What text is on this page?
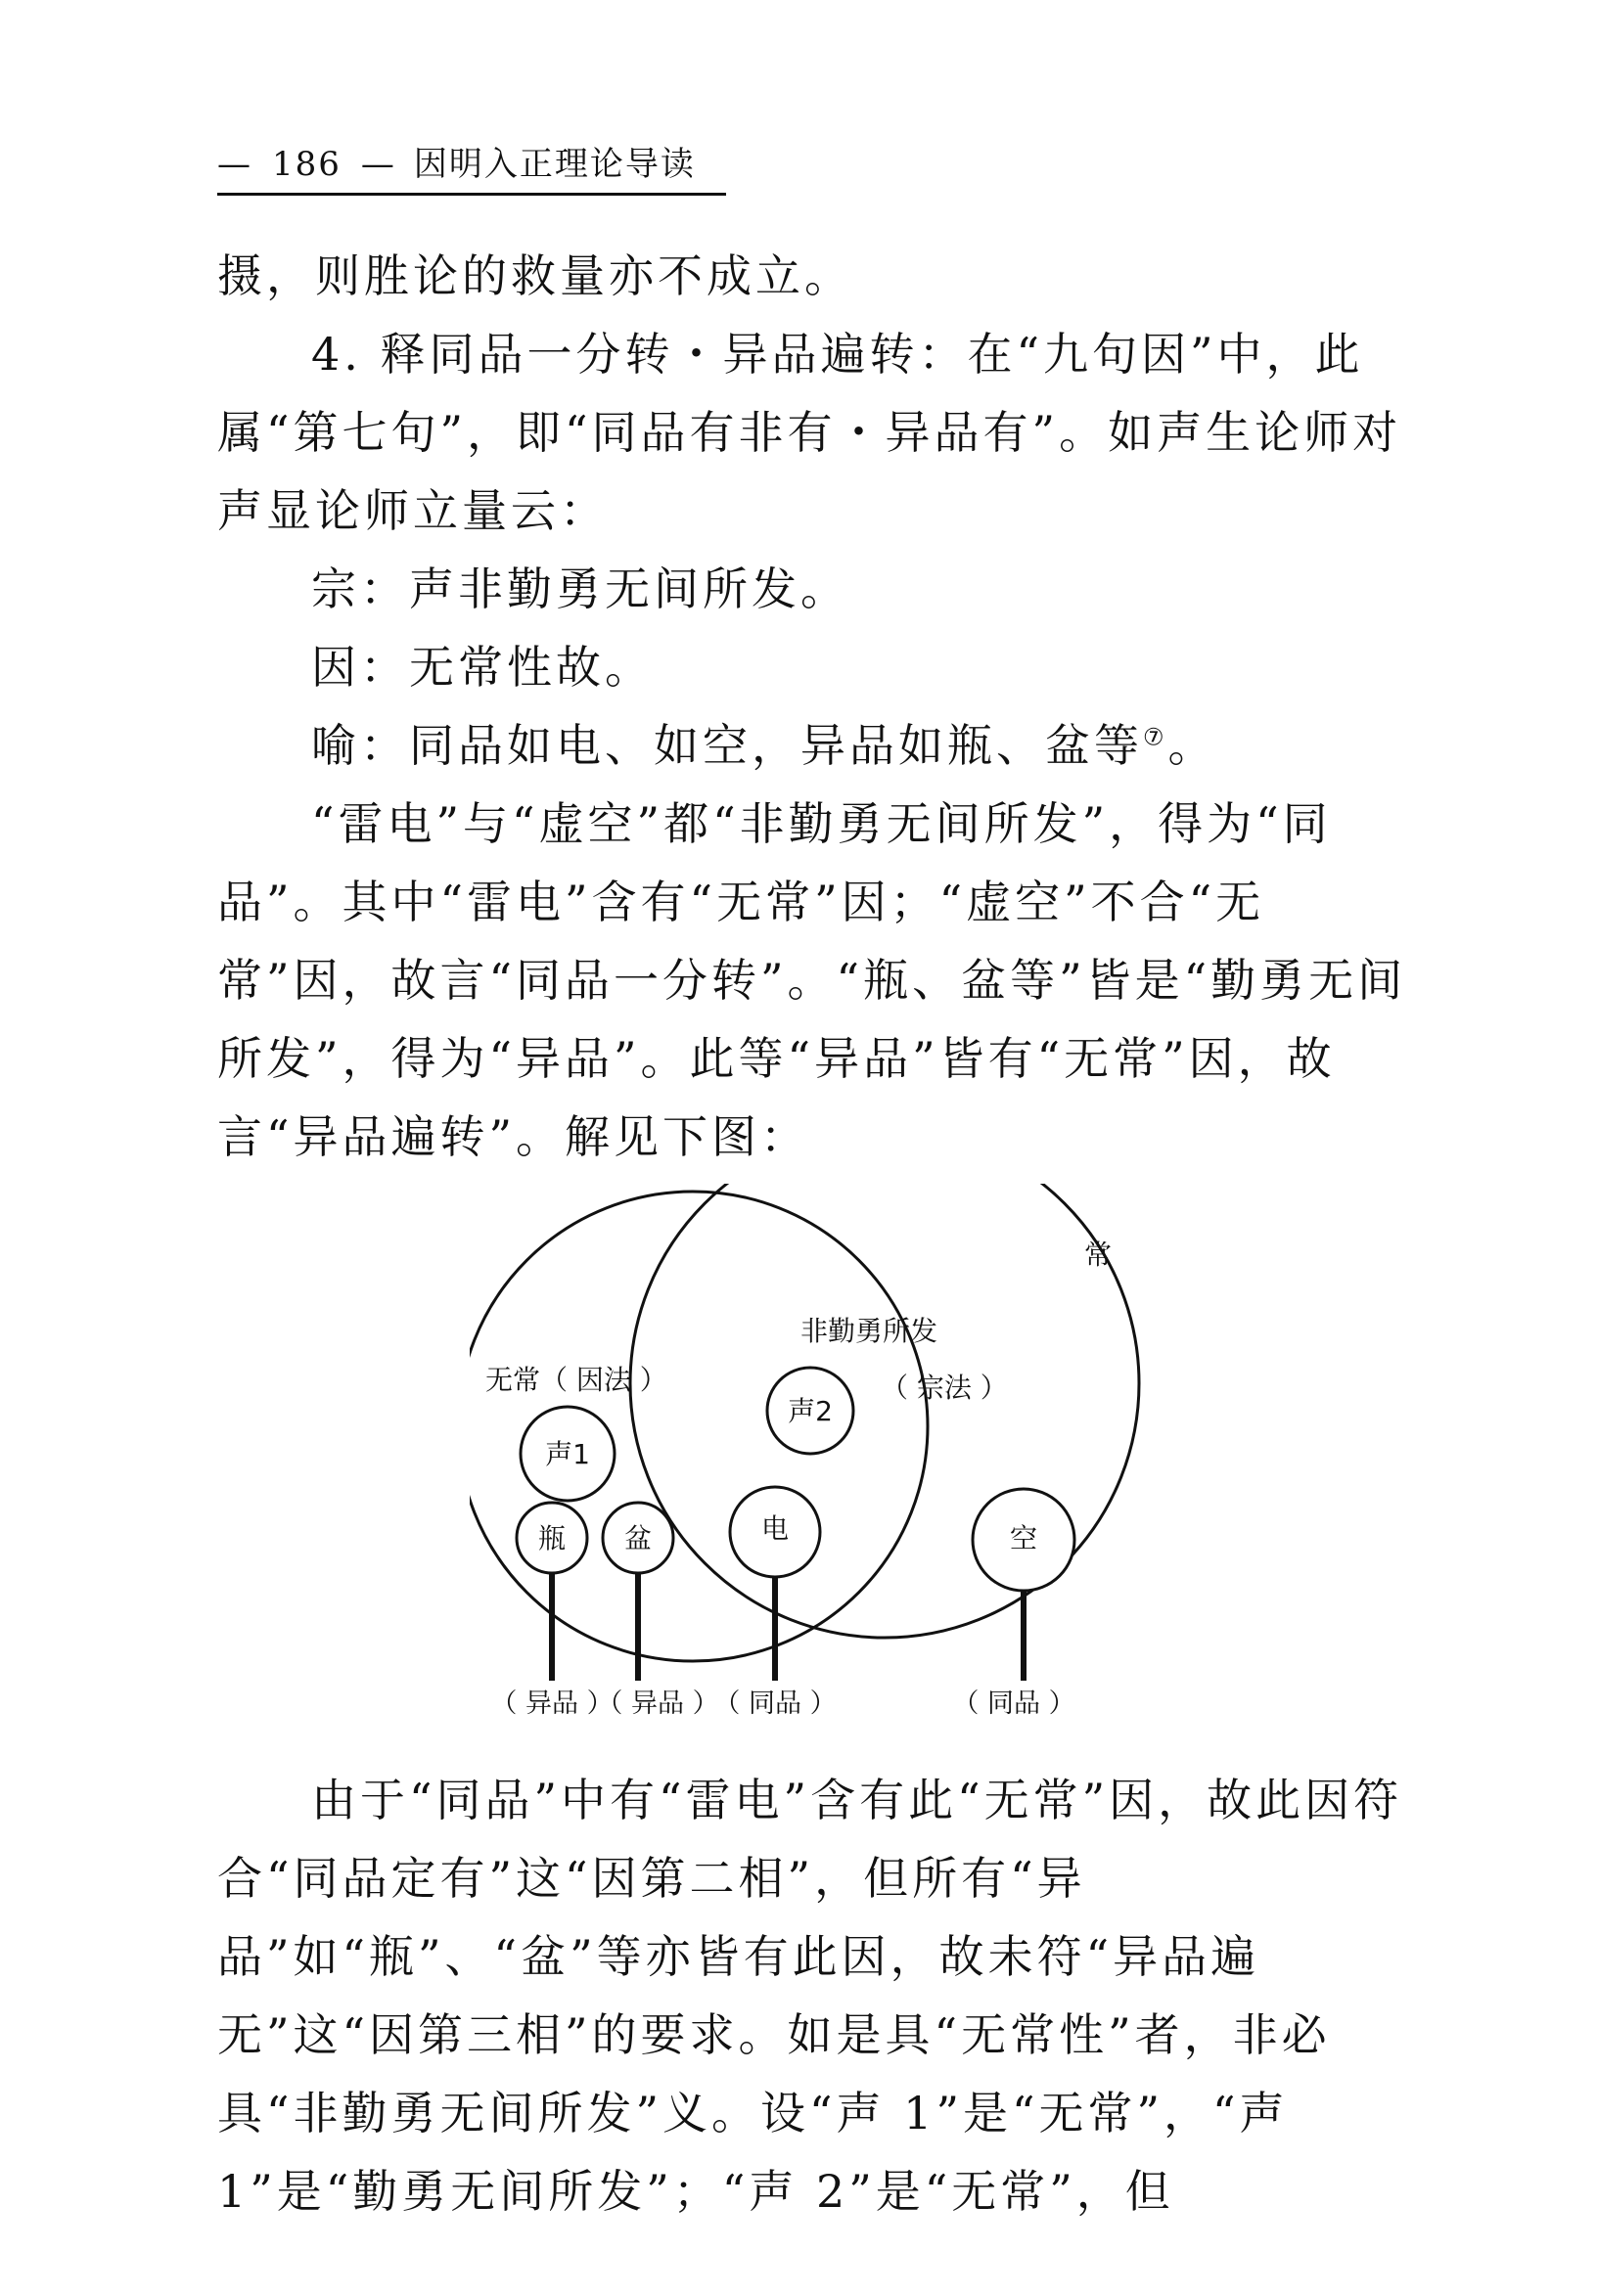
— 186 — 因明入正理论导读

摄，则胜论的救量亦不成立。

4. 释同品一分转・异品遍转：在“九句因”中，此属“第七句”，即“同品有非有・异品有”。如声生论师对声显论师立量云：

宗：声非勤勇无间所发。

因：无常性故。

喻：同品如电、如空，异品如瓶、盆等⑦。

“雷电”与“虚空”都“非勤勇无间所发”，得为“同品”。其中“雷电”含有“无常”因；“虚空”不合“无常”因，故言“同品一分转”。“瓶、盆等”皆是“勤勇无间所发”，得为“异品”。此等“异品”皆有“无常”因，故言“异品遍转”。解见下图：

常
非勤勇所发
（ 宗法 ）
无常（ 因法 ）
声2
声1
瓶 盆	电	空
（ 异品 ）
（ 异品 ）
（ 同品 ）	（ 同品 ）

由于“同品”中有“雷电”含有此“无常”因，故此因符合“同品定有”这“因第二相”，但所有“异品”如“瓶”、“盆”等亦皆有此因，故未符“异品遍无”这“因第三相”的要求。如是具“无常性”者，非必具“非勤勇无间所发”义。设“声 1”是“无常”，“声 1”是“勤勇无间所发”；“声 2”是“无常”，但
